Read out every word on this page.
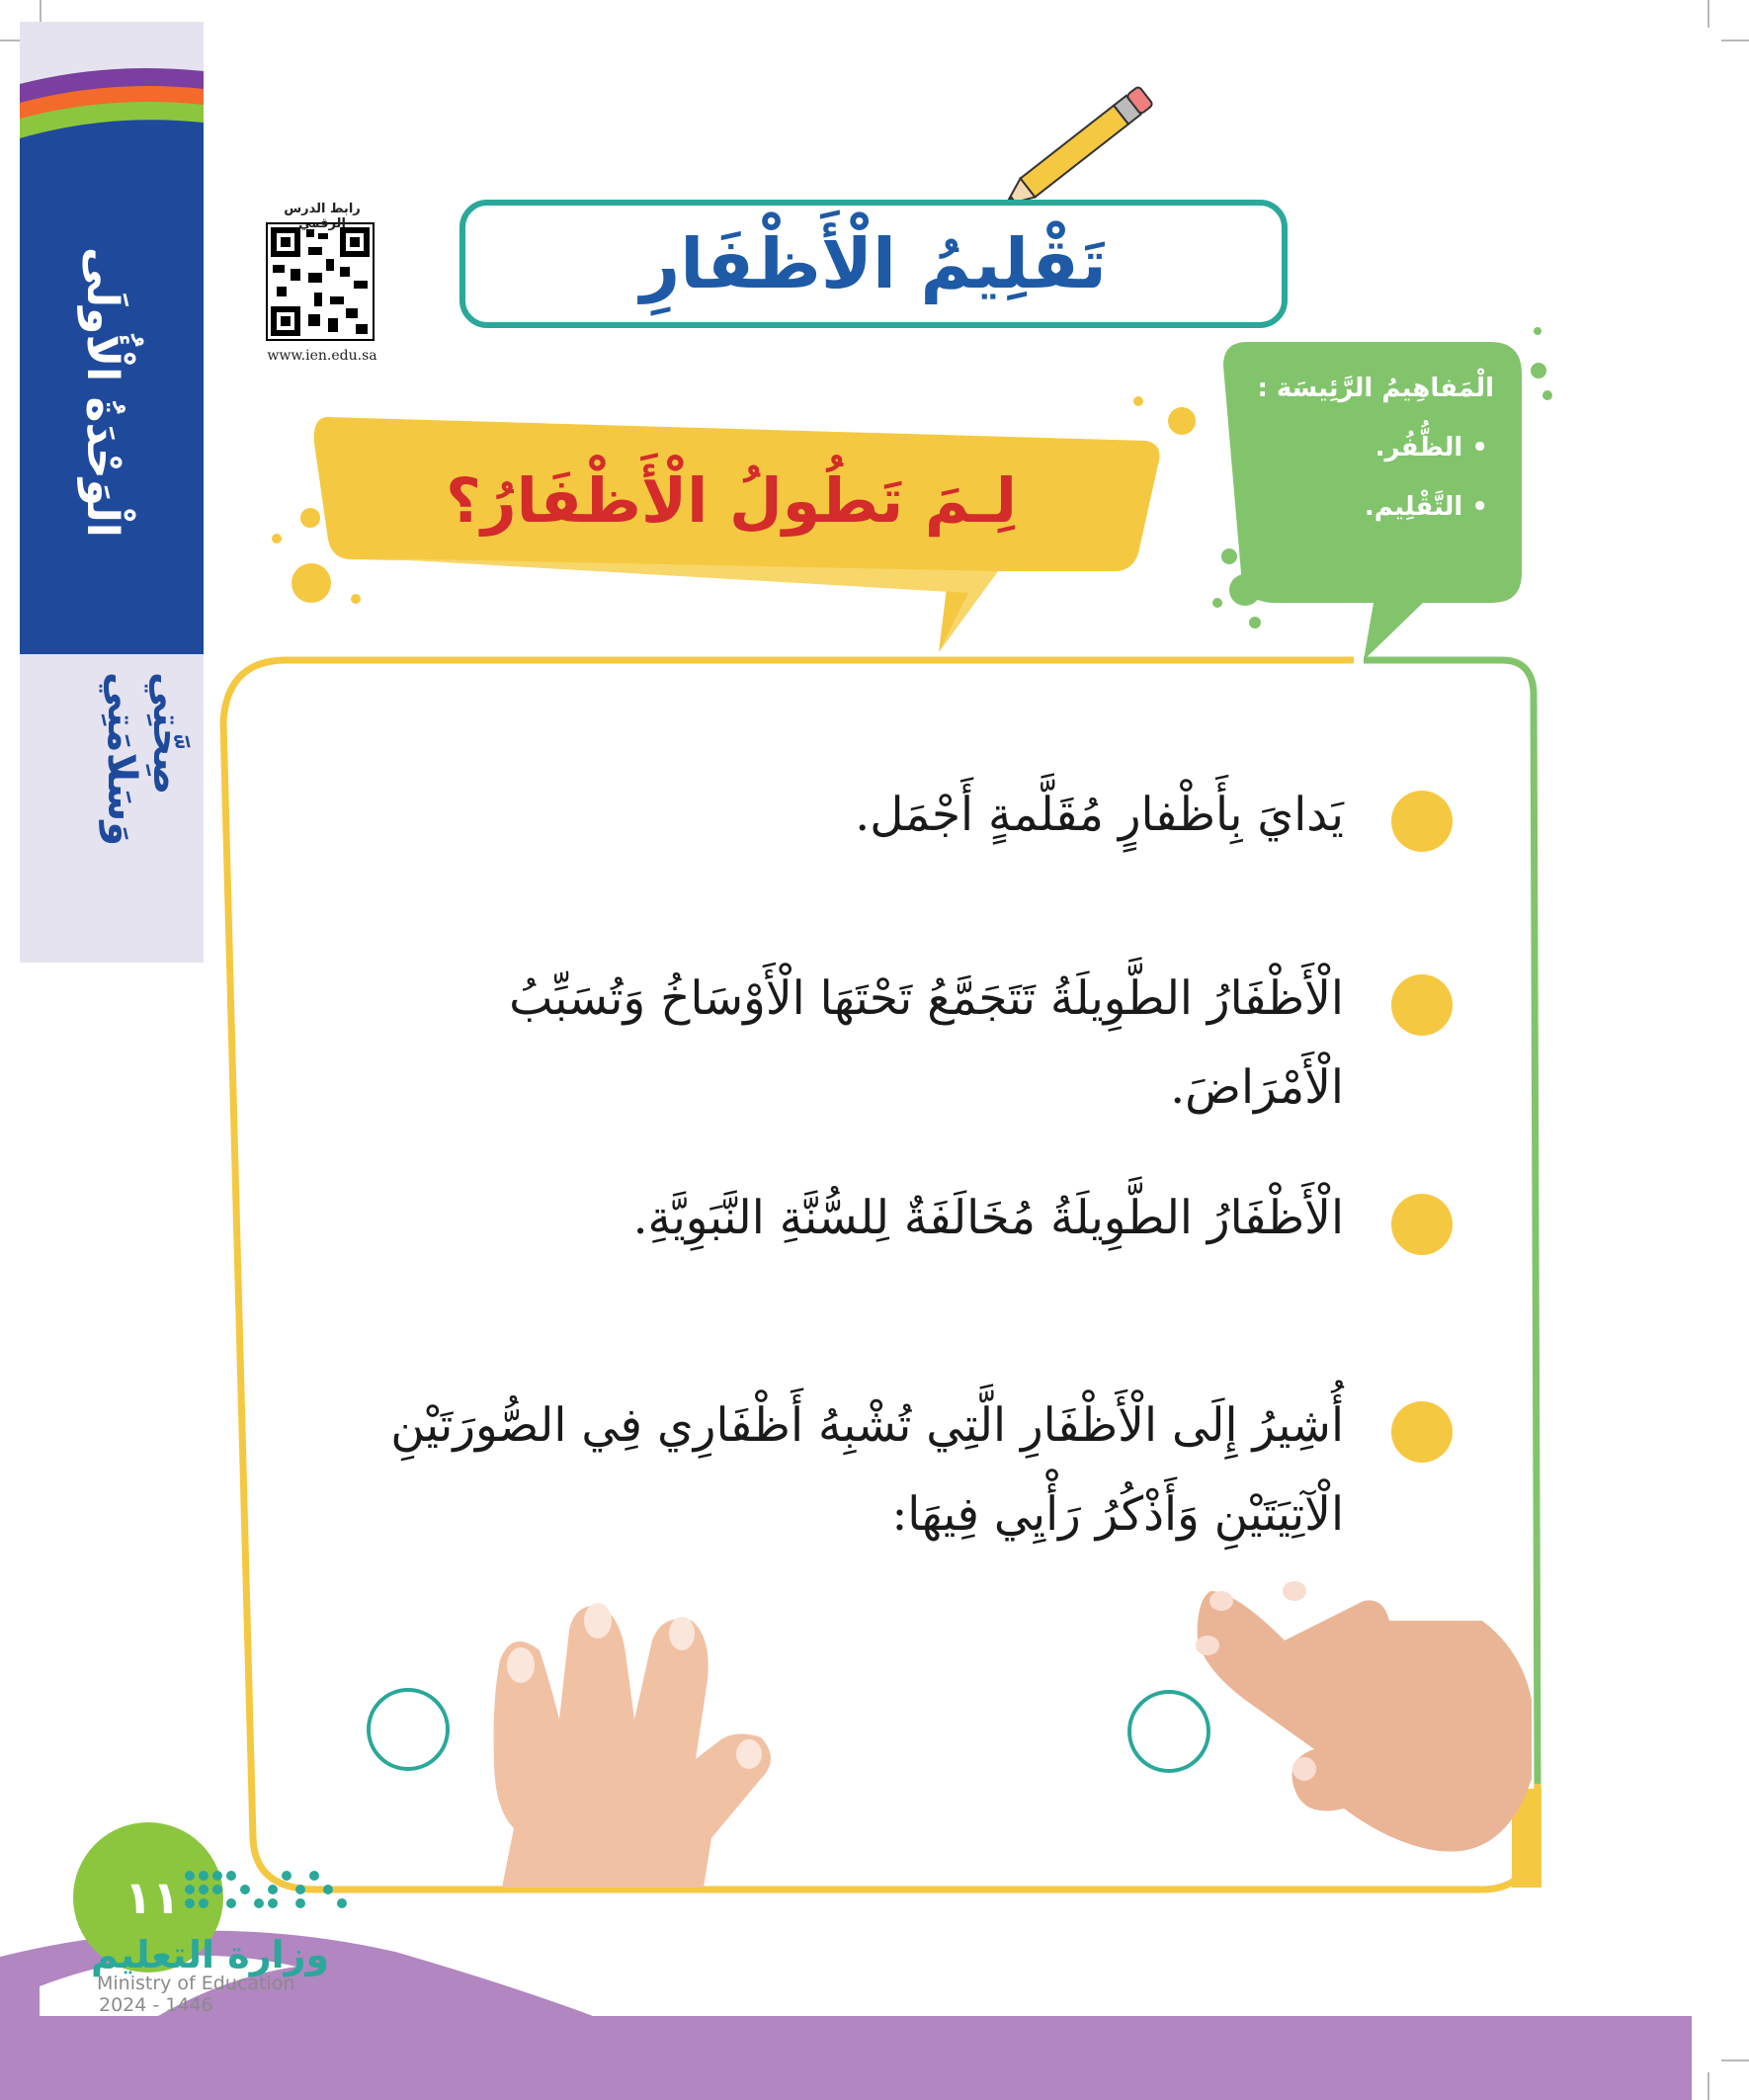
الْوَحْدَةُ الْأُولَى
صِحَّتِي وَسَلامَتِي
رابط الدرس الرقمي
www.ien.edu.sa
تَقْلِيمُ الْأَظْفَارِ
لِـمَ تَطُولُ الْأَظْفَارُ؟
الْمَفاهِيمُ الرَّئِيسَة :
• الظُّفُر.
• التَّقْلِيم.
يَدايَ بِأَظْفارٍ مُقَلَّمةٍ أَجْمَل.
الْأَظْفَارُ الطَّوِيلَةُ تَتَجَمَّعُ تَحْتَهَا الْأَوْسَاخُ وَتُسَبِّبُ الْأَمْرَاضَ.
الْأَظْفَارُ الطَّوِيلَةُ مُخَالَفَةٌ لِلسُّنَّةِ النَّبَوِيَّةِ.
أُشِيرُ إِلَى الْأَظْفَارِ الَّتِي تُشْبِهُ أَظْفَارِي فِي الصُّورَتَيْنِ الْآتِيَتَيْنِ وَأَذْكُرُ رَأْيِي فِيهَا:
١١
وزارة التعليم
Ministry of Education
2024 - 1446
